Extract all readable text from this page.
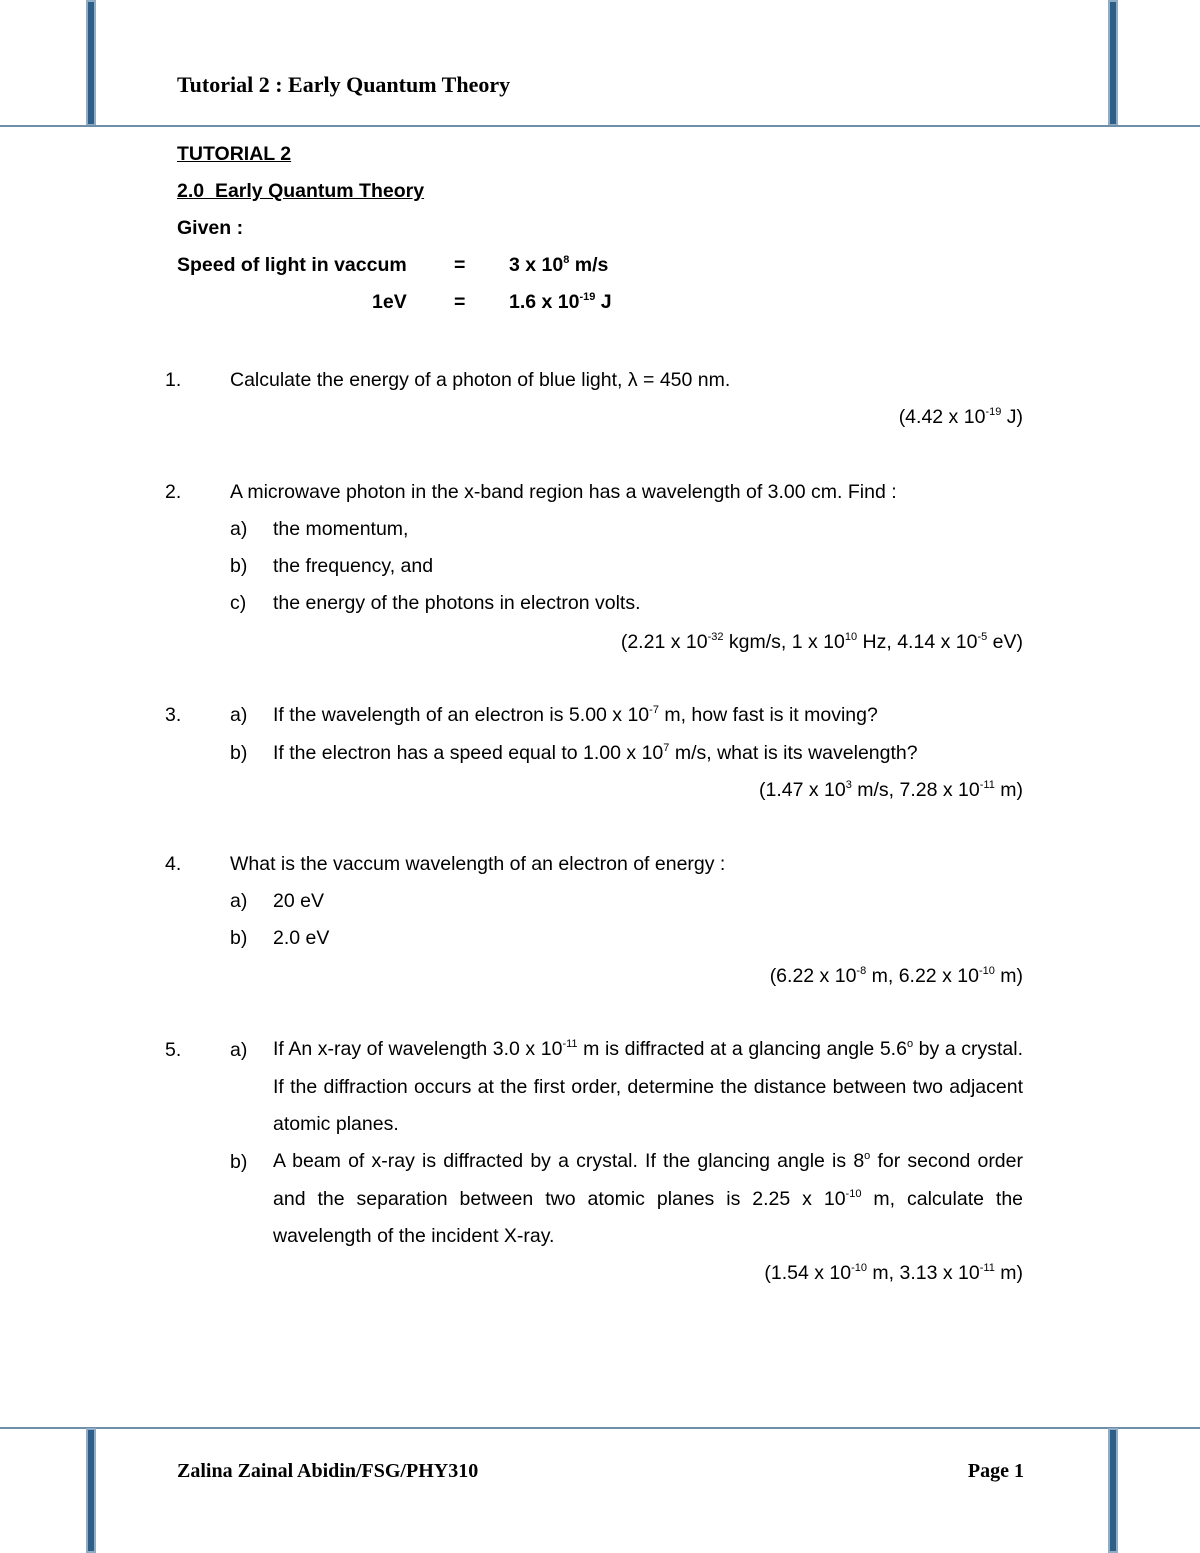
Tutorial 2 : Early Quantum Theory
TUTORIAL 2
2.0  Early Quantum Theory
Given :
Speed of light in vaccum = 3 x $10^8$ m/s
1eV = 1.6 x $10^{-19}$ J
1. Calculate the energy of a photon of blue light, λ = 450 nm.
(4.42 x $10^{-19}$ J)
2. A microwave photon in the x-band region has a wavelength of 3.00 cm. Find :
a) the momentum,
b) the frequency, and
c) the energy of the photons in electron volts.
(2.21 x $10^{-32}$ kgm/s, 1 x $10^{10}$ Hz, 4.14 x $10^{-5}$ eV)
3. a) If the wavelength of an electron is 5.00 x $10^{-7}$ m, how fast is it moving?
b) If the electron has a speed equal to 1.00 x $10^7$ m/s, what is its wavelength?
(1.47 x $10^3$ m/s, 7.28 x $10^{-11}$ m)
4. What is the vaccum wavelength of an electron of energy :
a) 20 eV
b) 2.0 eV
(6.22 x $10^{-8}$ m, 6.22 x $10^{-10}$ m)
5. a) If An x-ray of wavelength 3.0 x $10^{-11}$ m is diffracted at a glancing angle 5.6$^o$ by a crystal. If the diffraction occurs at the first order, determine the distance between two adjacent atomic planes.
b) A beam of x-ray is diffracted by a crystal. If the glancing angle is 8$^o$ for second order and the separation between two atomic planes is 2.25 x $10^{-10}$ m, calculate the wavelength of the incident X-ray.
(1.54 x $10^{-10}$ m, 3.13 x $10^{-11}$ m)
Zalina Zainal Abidin/FSG/PHY310	Page 1
